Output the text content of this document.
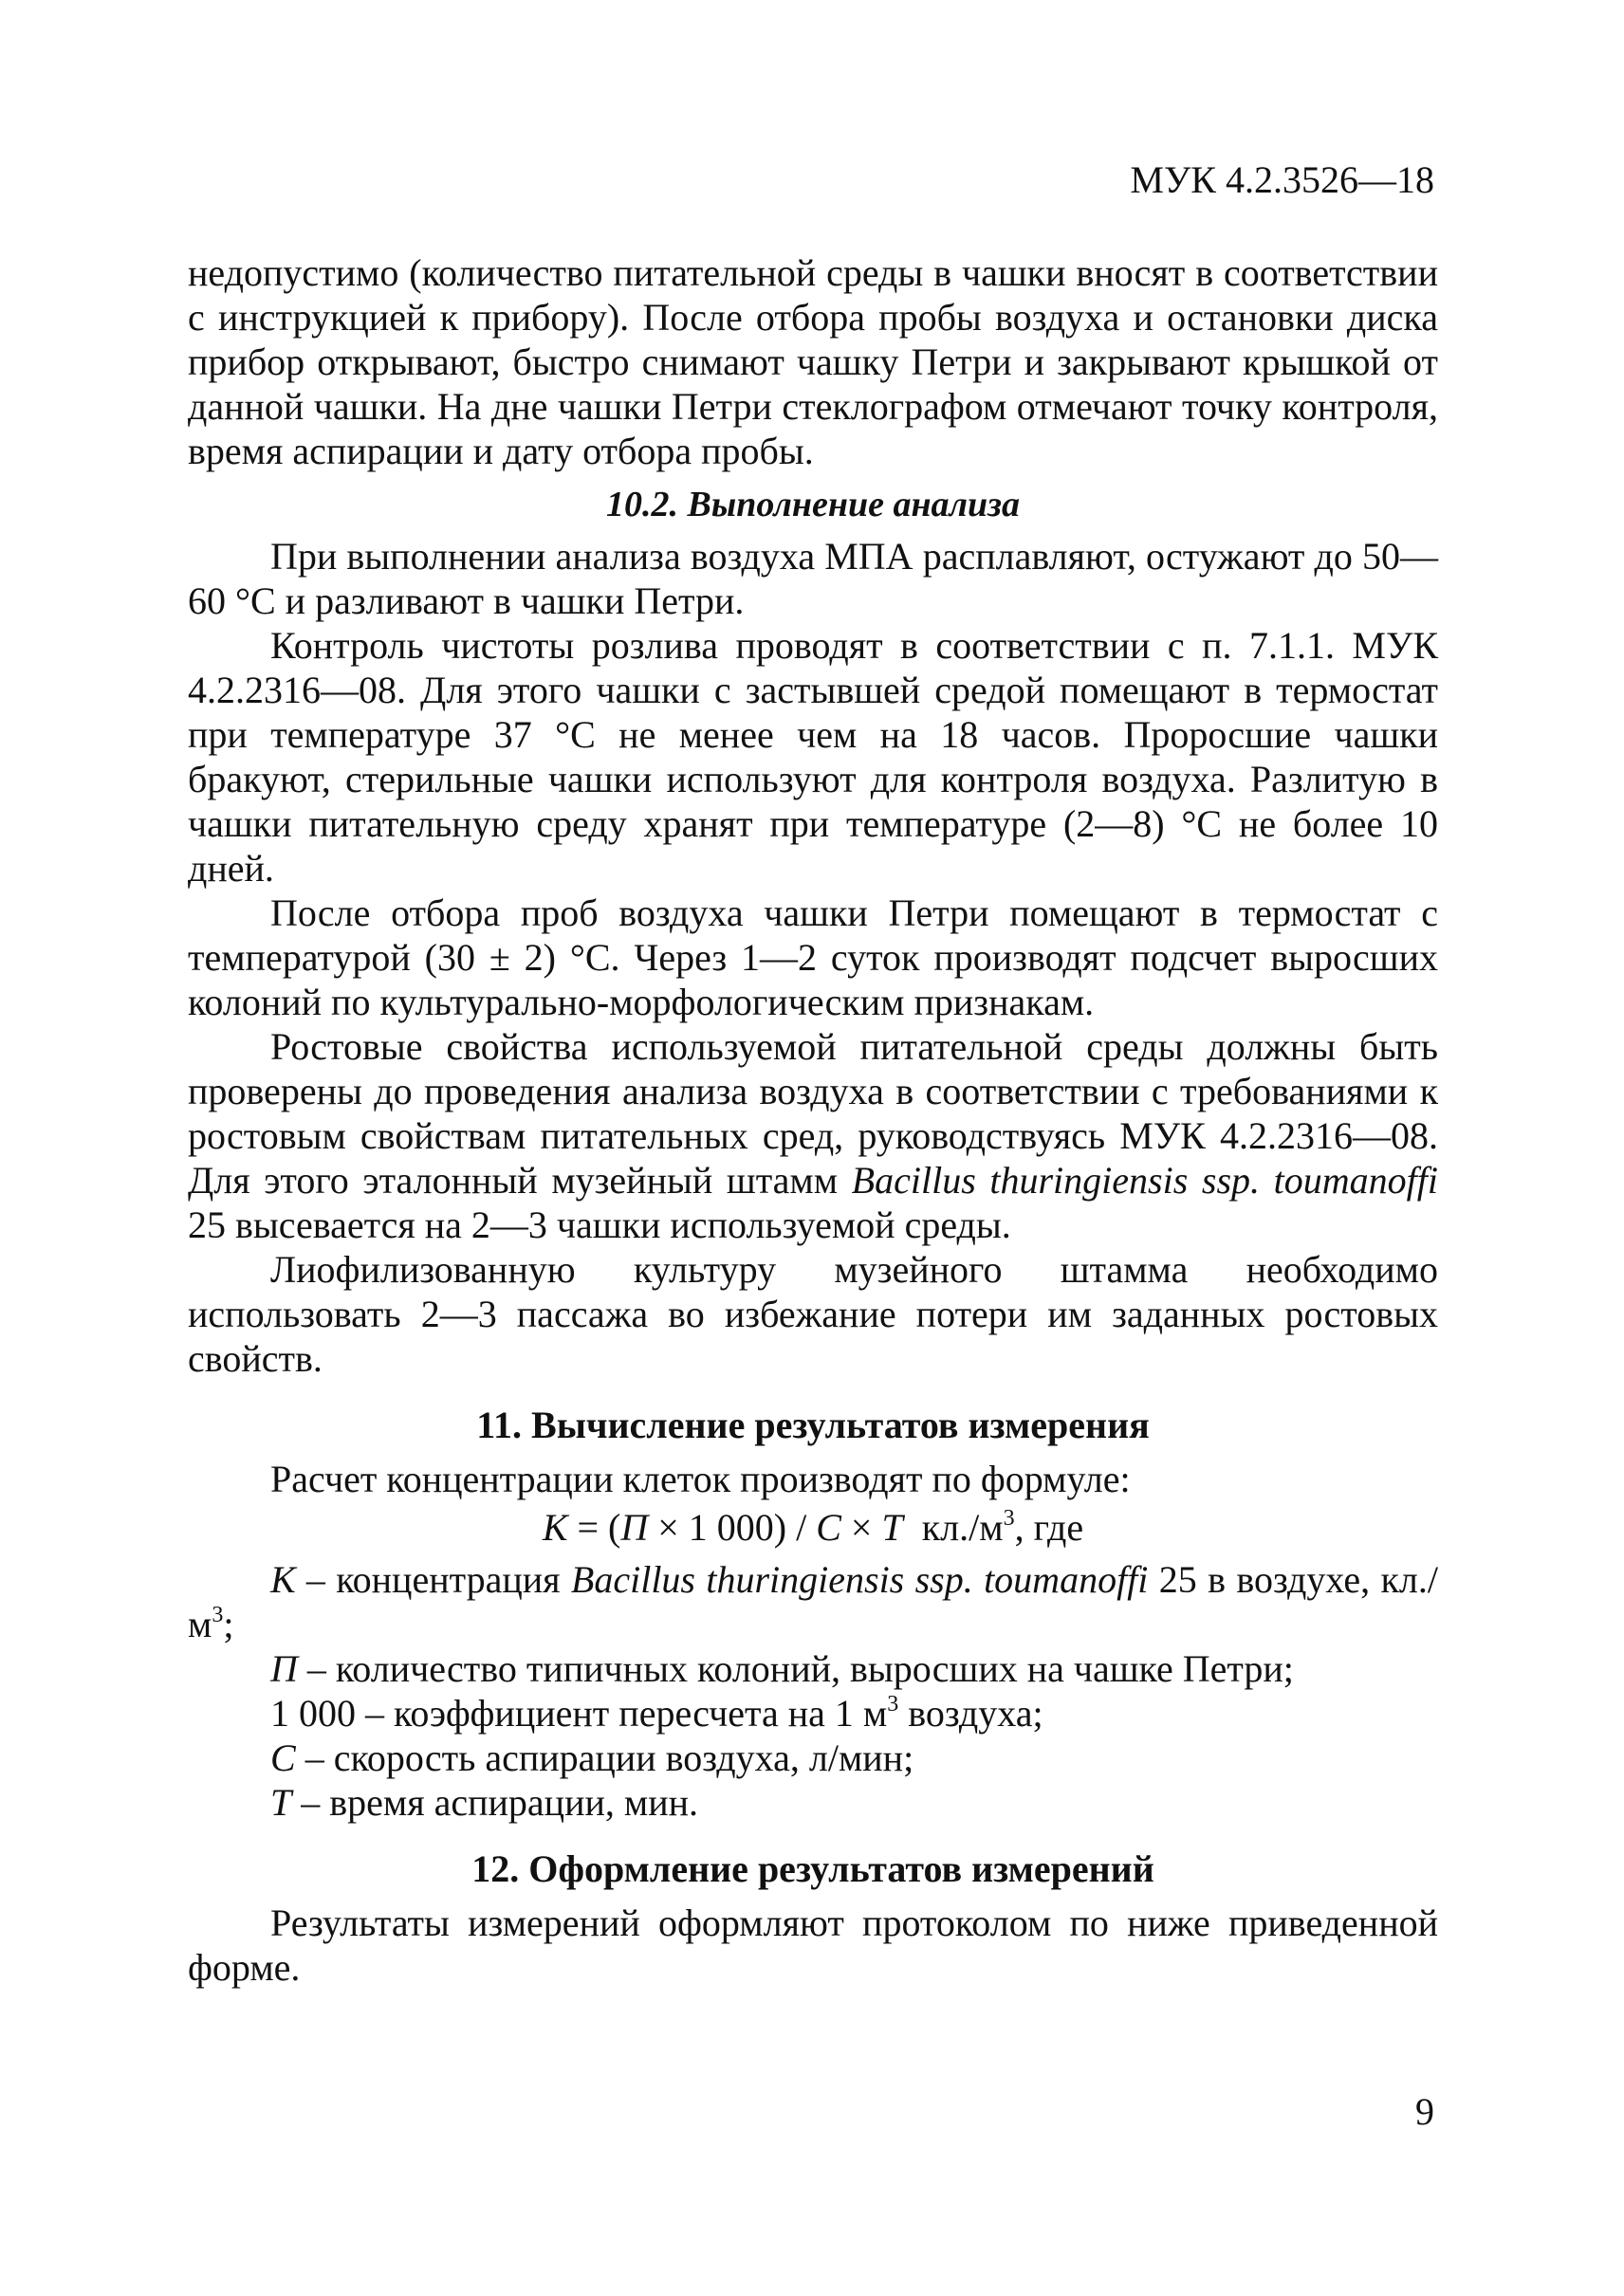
МУК 4.2.3526—18

недопустимо (количество питательной среды в чашки вносят в соответствии с инструкцией к прибору). После отбора пробы воздуха и остановки диска прибор открывают, быстро снимают чашку Петри и закрывают крышкой от данной чашки. На дне чашки Петри стеклографом отмечают точку контроля, время аспирации и дату отбора пробы.

10.2. Выполнение анализа

При выполнении анализа воздуха МПА расплавляют, остужают до 50—60 °С и разливают в чашки Петри.

Контроль чистоты розлива проводят в соответствии с п. 7.1.1. МУК 4.2.2316—08. Для этого чашки с застывшей средой помещают в термостат при температуре 37 °С не менее чем на 18 часов. Проросшие чашки бракуют, стерильные чашки используют для контроля воздуха. Разлитую в чашки питательную среду хранят при температуре (2—8) °С не более 10 дней.

После отбора проб воздуха чашки Петри помещают в термостат с температурой (30 ± 2) °С. Через 1—2 суток производят подсчет выросших колоний по культурально-морфологическим признакам.

Ростовые свойства используемой питательной среды должны быть проверены до проведения анализа воздуха в соответствии с требованиями к ростовым свойствам питательных сред, руководствуясь МУК 4.2.2316—08. Для этого эталонный музейный штамм Bacillus thuringiensis ssp. toumanoffi 25 высевается на 2—3 чашки используемой среды.

Лиофилизованную культуру музейного штамма необходимо использовать 2—3 пассажа во избежание потери им заданных ростовых свойств.

11. Вычисление результатов измерения

Расчет концентрации клеток производят по формуле:

К = (П × 1 000) / С × Т  $кл./м^3$, где

К – концентрация Bacillus thuringiensis ssp. toumanoffi 25 в воздухе, $кл./м^3$;

П – количество типичных колоний, выросших на чашке Петри;

1 000 – коэффициент пересчета на 1 $м^3$ воздуха;

С – скорость аспирации воздуха, л/мин;

Т – время аспирации, мин.

12. Оформление результатов измерений

Результаты измерений оформляют протоколом по ниже приведенной форме.

9
